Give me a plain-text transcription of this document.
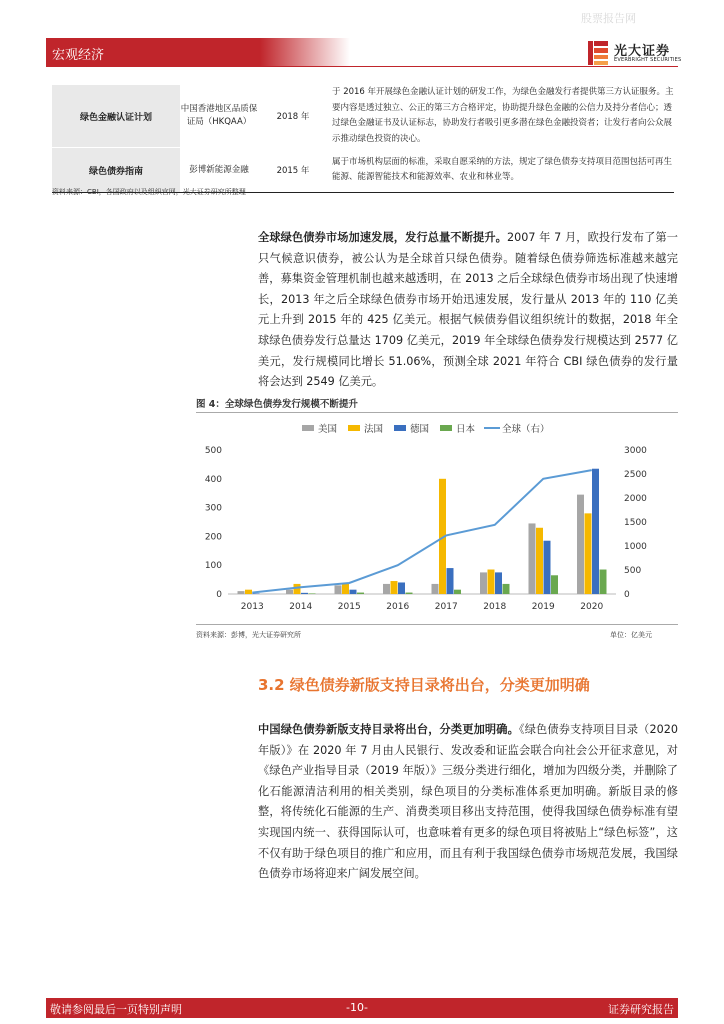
股票报告网
宏观经济	光大证券
EVERBRIGHT SECURITIES
绿色金融认证计划	中国香港地区品质保证局（HKQAA）	2018 年	于 2016 年开展绿色金融认证计划的研发工作，为绿色金融发行者提供第三方认证服务。主要内容是透过独立、公正的第三方合格评定，协助提升绿色金融的公信力及持分者信心；透过绿色金融证书及认证标志，协助发行者吸引更多潜在绿色金融投资者；让发行者向公众展示推动绿色投资的决心。
绿色债券指南	彭博新能源金融	2015 年	属于市场机构层面的标准，采取自愿采纳的方法，规定了绿色债券支持项目范围包括可再生能源、能源智能技术和能源效率、农业和林业等。
资料来源：CBI，各国政府以及组织官网，光大证券研究所整理
全球绿色债券市场加速发展，发行总量不断提升。2007 年 7 月，欧投行发布了第一只气候意识债券，被公认为是全球首只绿色债券。随着绿色债券筛选标准越来越完善，募集资金管理机制也越来越透明，在 2013 之后全球绿色债券市场出现了快速增长，2013 年之后全球绿色债券市场开始迅速发展，发行量从 2013 年的 110 亿美元上升到 2015 年的 425 亿美元。根据气候债券倡议组织统计的数据，2018 年全球绿色债券发行总量达 1709 亿美元，2019 年全球绿色债券发行规模达到 2577 亿美元，发行规模同比增长 51.06%，预测全球 2021 年符合 CBI 绿色债券的发行量将会达到 2549 亿美元。
图 4：全球绿色债券发行规模不断提升
0
100
200
300
400
500
0
500
1000
1500
2000
2500
3000
2013	2014	2015	2016	2017	2018	2019	2020
美国	法国	德国	日本	全球（右）
资料来源：彭博，光大证券研究所	单位：亿美元
3.2 绿色债券新版支持目录将出台，分类更加明确
中国绿色债券新版支持目录将出台，分类更加明确。《绿色债券支持项目目录（2020 年版）》在 2020 年 7 月由人民银行、发改委和证监会联合向社会公开征求意见，对《绿色产业指导目录（2019 年版）》三级分类进行细化，增加为四级分类，并删除了化石能源清洁利用的相关类别，绿色项目的分类标准体系更加明确。新版目录的修整，将传统化石能源的生产、消费类项目移出支持范围，使得我国绿色债券标准有望实现国内统一、获得国际认可，也意味着有更多的绿色项目将被贴上“绿色标签”，这不仅有助于绿色项目的推广和应用，而且有利于我国绿色债券市场规范发展，我国绿色债券市场将迎来广阔发展空间。
敬请参阅最后一页特别声明	-10-	证券研究报告
